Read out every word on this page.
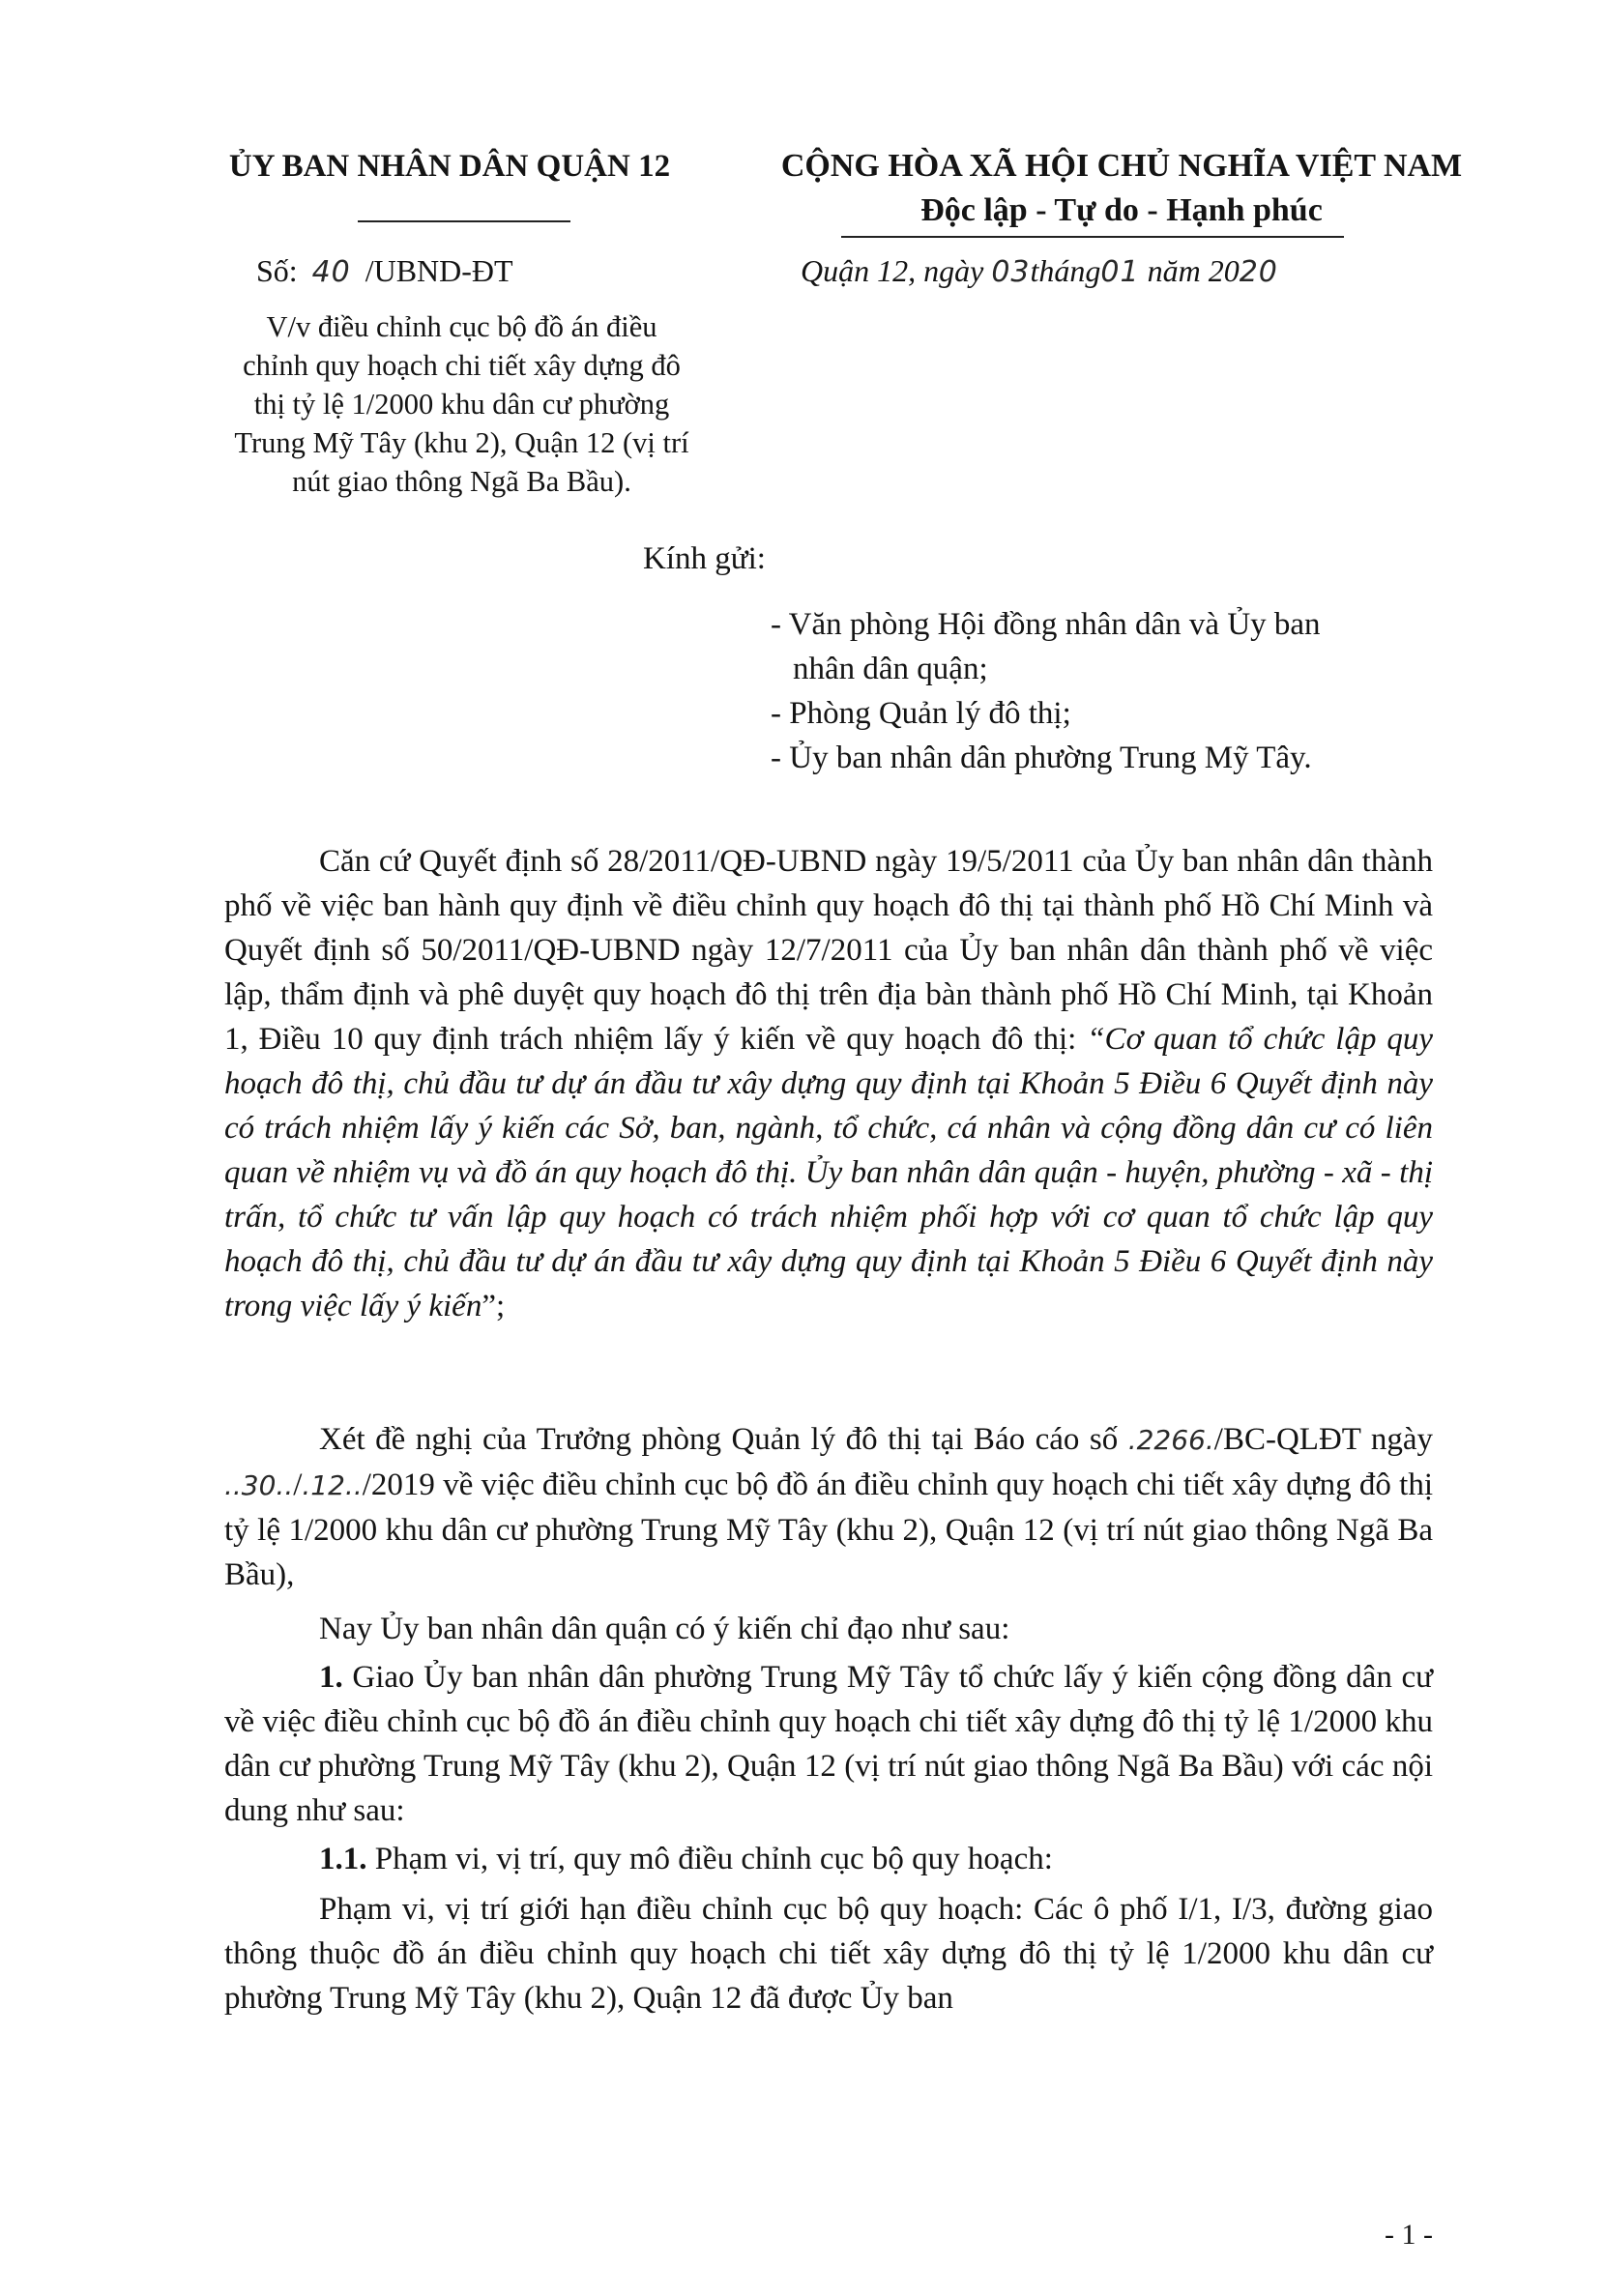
ỦY BAN NHÂN DÂN QUẬN 12	CỘNG HÒA XÃ HỘI CHỦ NGHĨA VIỆT NAM
Độc lập - Tự do - Hạnh phúc
Số: 40 /UBND-ĐT	Quận 12, ngày 03tháng01 năm 2020
V/v điều chỉnh cục bộ đồ án điều
chỉnh quy hoạch chi tiết xây dựng đô
thị tỷ lệ 1/2000 khu dân cư phường
Trung Mỹ Tây (khu 2), Quận 12 (vị trí
nút giao thông Ngã Ba Bầu).
Kính gửi:
- Văn phòng Hội đồng nhân dân và Ủy ban
nhân dân quận;
- Phòng Quản lý đô thị;
- Ủy ban nhân dân phường Trung Mỹ Tây.

Căn cứ Quyết định số 28/2011/QĐ-UBND ngày 19/5/2011 của Ủy ban nhân dân thành phố về việc ban hành quy định về điều chỉnh quy hoạch đô thị tại thành phố Hồ Chí Minh và Quyết định số 50/2011/QĐ-UBND ngày 12/7/2011 của Ủy ban nhân dân thành phố về việc lập, thẩm định và phê duyệt quy hoạch đô thị trên địa bàn thành phố Hồ Chí Minh, tại Khoản 1, Điều 10 quy định trách nhiệm lấy ý kiến về quy hoạch đô thị: “Cơ quan tổ chức lập quy hoạch đô thị, chủ đầu tư dự án đầu tư xây dựng quy định tại Khoản 5 Điều 6 Quyết định này có trách nhiệm lấy ý kiến các Sở, ban, ngành, tổ chức, cá nhân và cộng đồng dân cư có liên quan về nhiệm vụ và đồ án quy hoạch đô thị. Ủy ban nhân dân quận - huyện, phường - xã - thị trấn, tổ chức tư vấn lập quy hoạch có trách nhiệm phối hợp với cơ quan tổ chức lập quy hoạch đô thị, chủ đầu tư dự án đầu tư xây dựng quy định tại Khoản 5 Điều 6 Quyết định này trong việc lấy ý kiến”;

Xét đề nghị của Trưởng phòng Quản lý đô thị tại Báo cáo số .2266./BC-QLĐT ngày ..30../.12../2019 về việc điều chỉnh cục bộ đồ án điều chỉnh quy hoạch chi tiết xây dựng đô thị tỷ lệ 1/2000 khu dân cư phường Trung Mỹ Tây (khu 2), Quận 12 (vị trí nút giao thông Ngã Ba Bầu),

Nay Ủy ban nhân dân quận có ý kiến chỉ đạo như sau:

1. Giao Ủy ban nhân dân phường Trung Mỹ Tây tổ chức lấy ý kiến cộng đồng dân cư về việc điều chỉnh cục bộ đồ án điều chỉnh quy hoạch chi tiết xây dựng đô thị tỷ lệ 1/2000 khu dân cư phường Trung Mỹ Tây (khu 2), Quận 12 (vị trí nút giao thông Ngã Ba Bầu) với các nội dung như sau:

1.1. Phạm vi, vị trí, quy mô điều chỉnh cục bộ quy hoạch:

Phạm vi, vị trí giới hạn điều chỉnh cục bộ quy hoạch: Các ô phố I/1, I/3, đường giao thông thuộc đồ án điều chỉnh quy hoạch chi tiết xây dựng đô thị tỷ lệ 1/2000 khu dân cư phường Trung Mỹ Tây (khu 2), Quận 12 đã được Ủy ban

- 1 -
